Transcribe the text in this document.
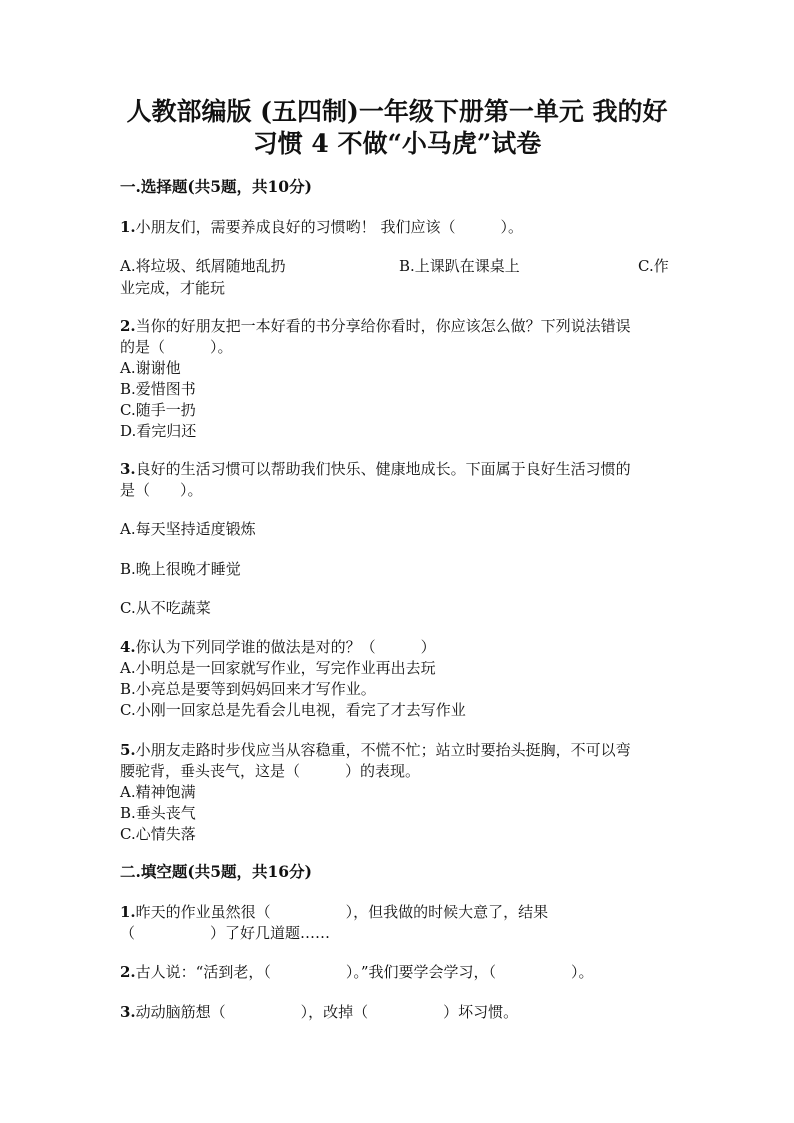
人教部编版 (五四制)一年级下册第一单元 我的好
习惯 4 不做“小马虎”试卷
一.选择题(共5题，共10分)
1.小朋友们，需要养成良好的习惯哟！ 我们应该（　　　）。
A.将垃圾、纸屑随地乱扔	B.上课趴在课桌上	C.作
业完成，才能玩
2.当你的好朋友把一本好看的书分享给你看时，你应该怎么做？下列说法错误
的是（　　　）。
A.谢谢他
B.爱惜图书
C.随手一扔
D.看完归还
3.良好的生活习惯可以帮助我们快乐、健康地成长。下面属于良好生活习惯的
是（　　）。
A.每天坚持适度锻炼
B.晚上很晚才睡觉
C.从不吃蔬菜
4.你认为下列同学谁的做法是对的？（　　　）
A.小明总是一回家就写作业，写完作业再出去玩
B.小亮总是要等到妈妈回来才写作业。
C.小刚一回家总是先看会儿电视，看完了才去写作业
5.小朋友走路时步伐应当从容稳重，不慌不忙；站立时要抬头挺胸，不可以弯
腰驼背，垂头丧气，这是（　　　）的表现。
A.精神饱满
B.垂头丧气
C.心情失落
二.填空题(共5题，共16分)
1.昨天的作业虽然很（　　　　　），但我做的时候大意了，结果
（　　　　　）了好几道题……
2.古人说：“活到老，（　　　　　）。”我们要学会学习，（　　　　　）。
3.动动脑筋想（　　　　　），改掉（　　　　　）坏习惯。
